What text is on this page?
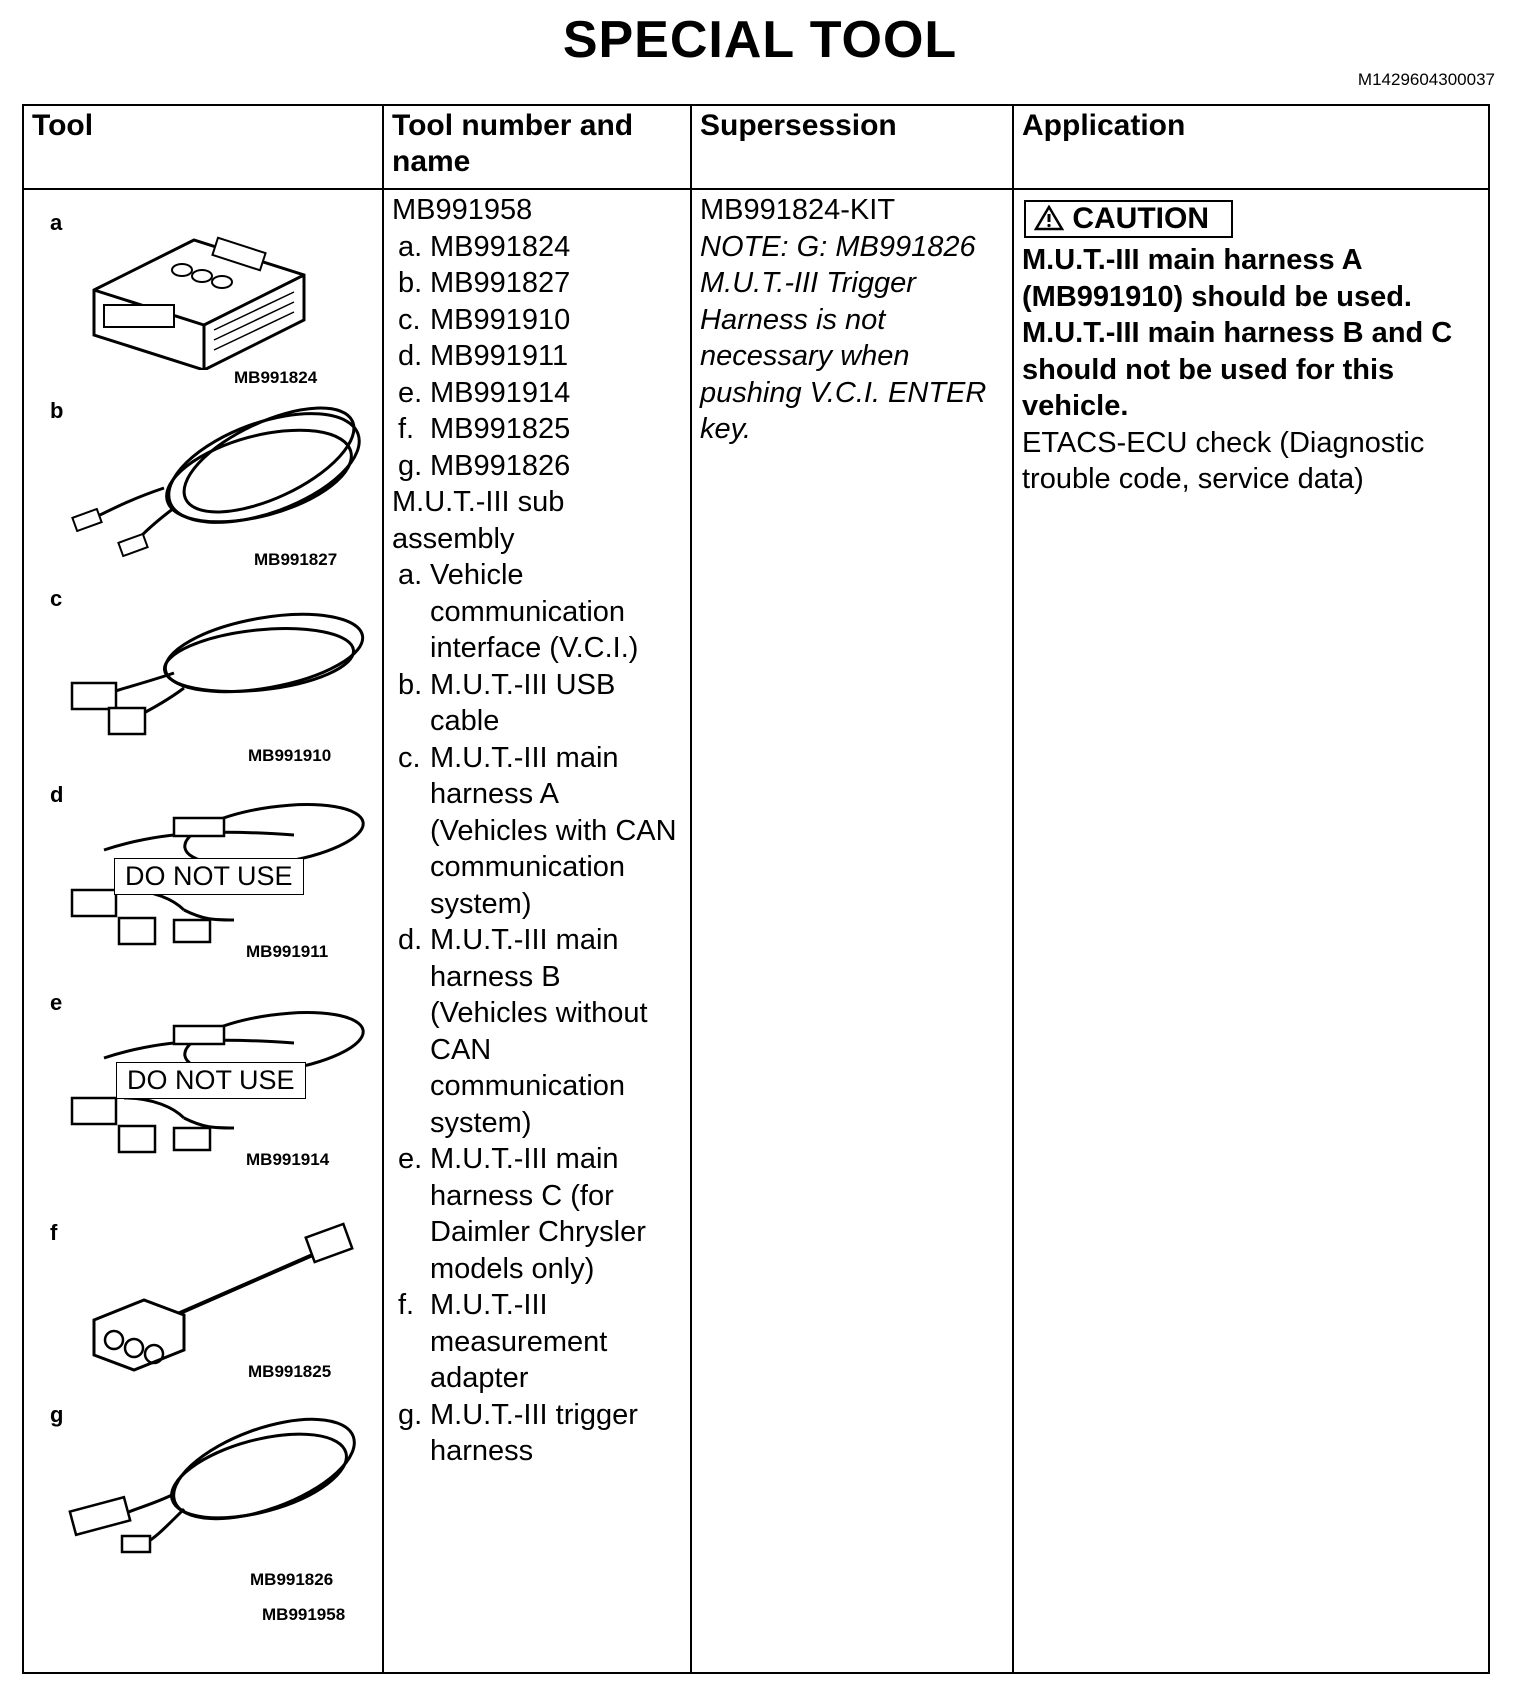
SPECIAL TOOL
M1429604300037
Tool	Tool number and name
Supersession	Application
a
MB991824
b
MB991827
c
MB991910
d
DO NOT USE
MB991911
e
DO NOT USE
MB991914
f
MB991825
g
MB991826
MB991958
MB991958
a. MB991824
b. MB991827
c. MB991910
d. MB991911
e. MB991914
f. MB991825
g. MB991826
M.U.T.-III sub assembly
a. Vehicle communication interface (V.C.I.)
b. M.U.T.-III USB cable
c. M.U.T.-III main harness A (Vehicles with CAN communication system)
d. M.U.T.-III main harness B (Vehicles without CAN communication system)
e. M.U.T.-III main harness C (for Daimler Chrysler models only)
f. M.U.T.-III measurement adapter
g. M.U.T.-III trigger harness
MB991824-KIT
NOTE: G: MB991826 M.U.T.-III Trigger Harness is not necessary when pushing V.C.I. ENTER key.
CAUTION
M.U.T.-III main harness A (MB991910) should be used. M.U.T.-III main harness B and C should not be used for this vehicle.
ETACS-ECU check (Diagnostic trouble code, service data)
